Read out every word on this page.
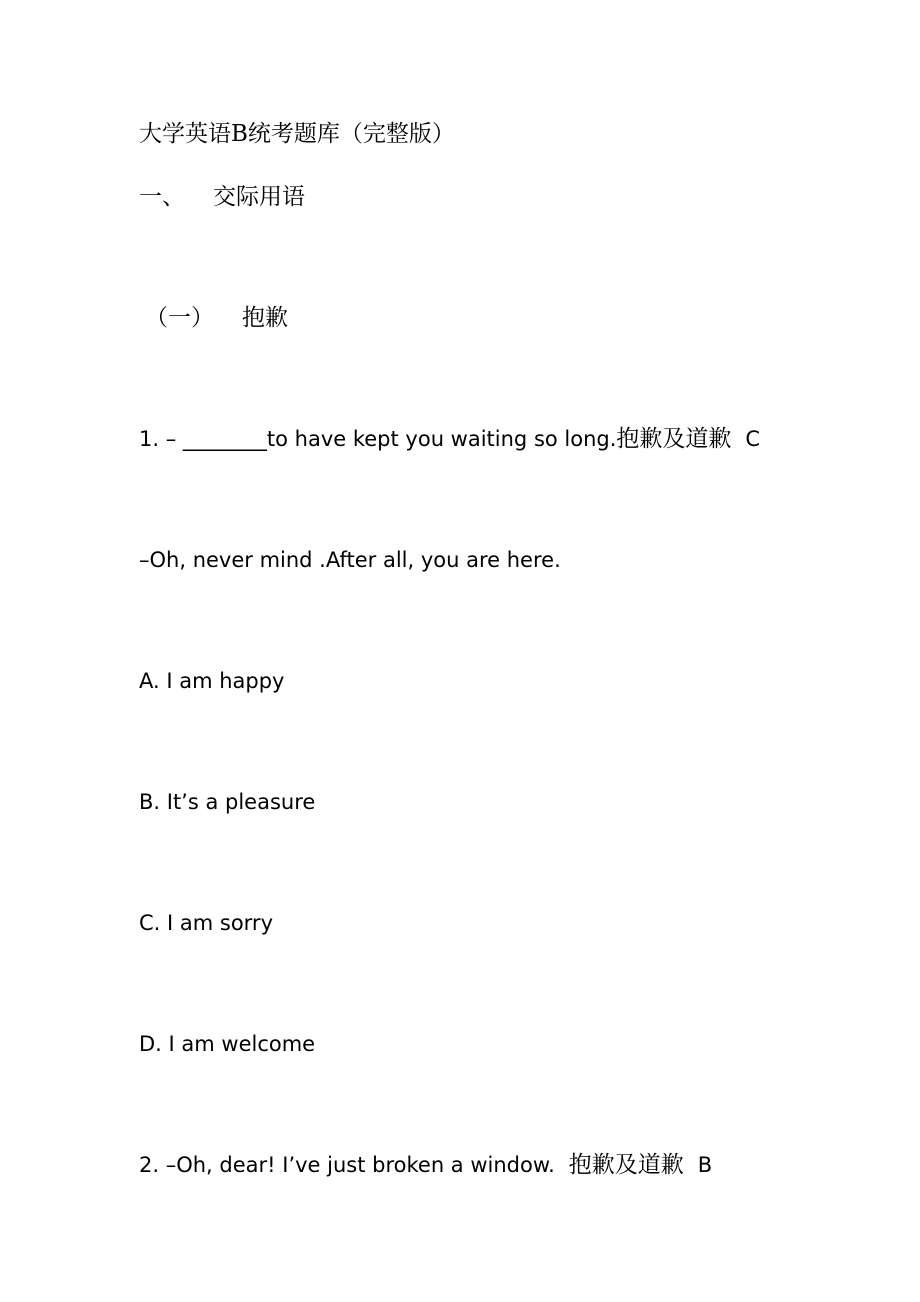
大学英语B统考题库（完整版）
一、 交际用语
（一） 抱歉
1. – ________to have kept you waiting so long.抱歉及道歉 C
–Oh, never mind .After all, you are here.
A. I am happy
B. It’s a pleasure
C. I am sorry
D. I am welcome
2. –Oh, dear! I’ve just broken a window. 抱歉及道歉 B
